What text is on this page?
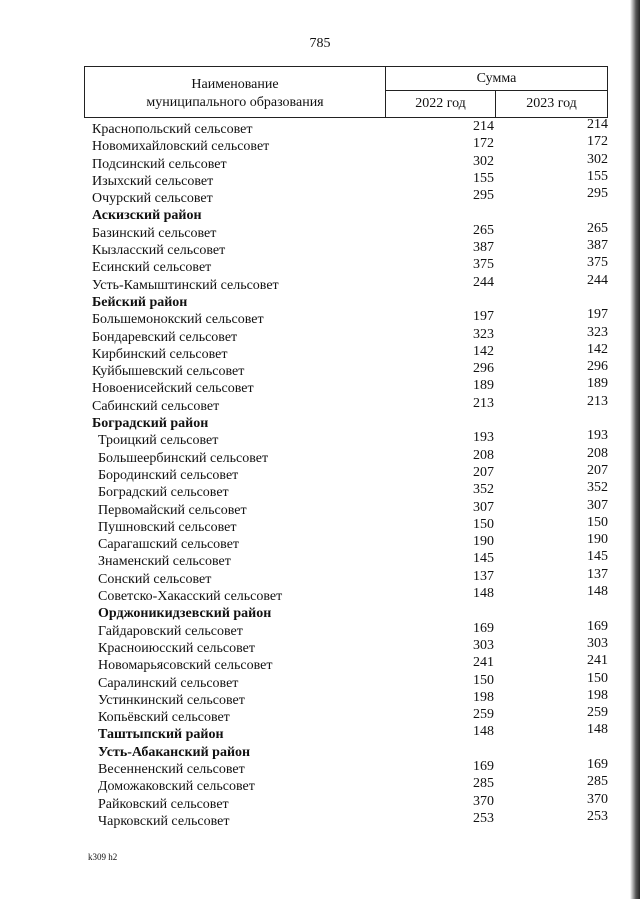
785
Наименование
муниципального образования
Сумма
2022 год	2023 год
Краснопольский сельсовет	214	214
Новомихайловский сельсовет	172	172
Подсинский сельсовет	302	302
Изыхский сельсовет	155	155
Очурский сельсовет	295	295
Аскизский район
Базинский сельсовет	265	265
Кызласский сельсовет	387	387
Есинский сельсовет	375	375
Усть-Камыштинский сельсовет	244	244
Бейский район
Большемонокский сельсовет	197	197
Бондаревский сельсовет	323	323
Кирбинский сельсовет	142	142
Куйбышевский сельсовет	296	296
Новоенисейский сельсовет	189	189
Сабинский сельсовет	213	213
Боградский район
Троицкий сельсовет	193	193
Большеербинский сельсовет	208	208
Бородинский сельсовет	207	207
Боградский сельсовет	352	352
Первомайский сельсовет	307	307
Пушновский сельсовет	150	150
Сарагашский сельсовет	190	190
Знаменский сельсовет	145	145
Сонский сельсовет	137	137
Советско-Хакасский сельсовет	148	148
Орджоникидзевский район
Гайдаровский сельсовет	169	169
Красноиюсский сельсовет	303	303
Новомарьясовский сельсовет	241	241
Саралинский сельсовет	150	150
Устинкинский сельсовет	198	198
Копьёвский сельсовет	259	259
Таштыпский район	148	148
Усть-Абаканский район
Весенненский сельсовет	169	169
Доможаковский сельсовет	285	285
Райковский сельсовет	370	370
Чарковский сельсовет	253	253
k309 h2
